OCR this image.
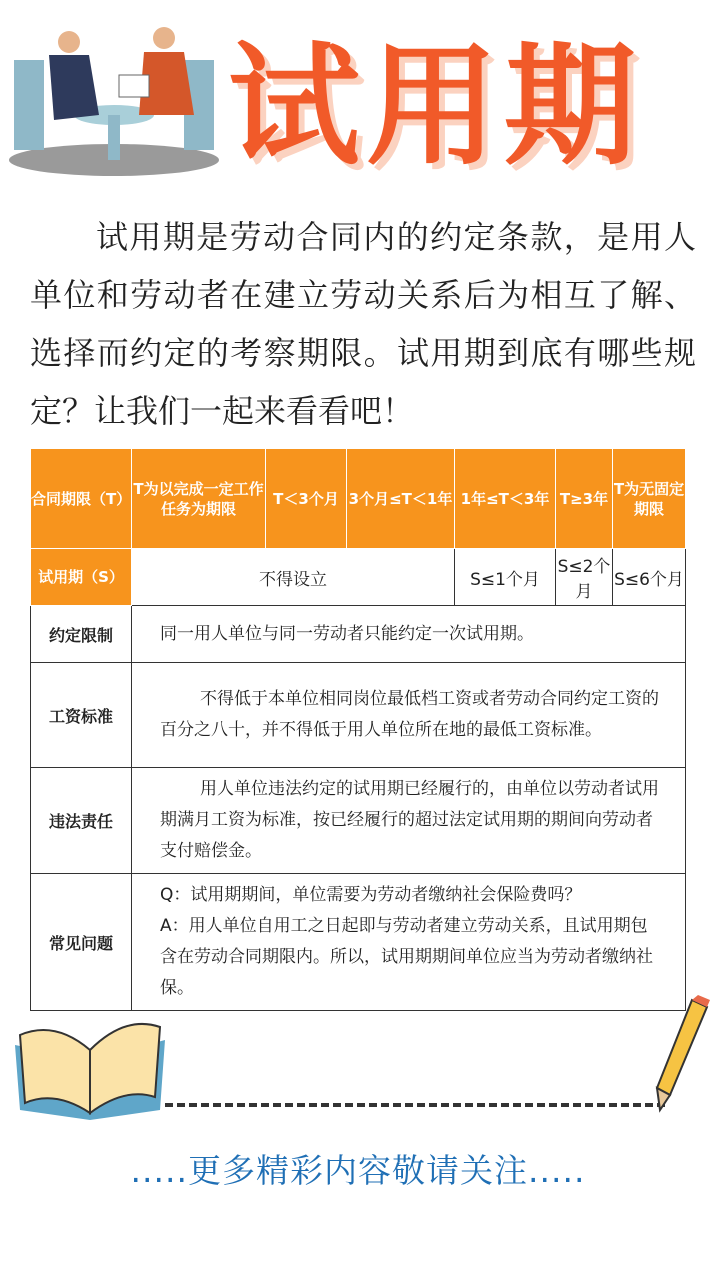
试用期

试用期是劳动合同内的约定条款，是用人单位和劳动者在建立劳动关系后为相互了解、选择而约定的考察期限。试用期到底有哪些规定？让我们一起来看看吧！

合同期限（T）	T为以完成一定工作任务为期限	T＜3个月	3个月≤T＜1年	1年≤T＜3年	T≥3年	T为无固定期限
试用期（S）	不得设立			S≤1个月	S≤2个月	S≤6个月
约定限制	同一用人单位与同一劳动者只能约定一次试用期。					
工资标准	不得低于本单位相同岗位最低档工资或者劳动合同约定工资的百分之八十，并不得低于用人单位所在地的最低工资标准。					
违法责任	用人单位违法约定的试用期已经履行的，由单位以劳动者试用期满月工资为标准，按已经履行的超过法定试用期的期间向劳动者支付赔偿金。					
常见问题	Q：试用期期间，单位需要为劳动者缴纳社会保险费吗？
A：用人单位自用工之日起即与劳动者建立劳动关系，且试用期包含在劳动合同期限内。所以，试用期期间单位应当为劳动者缴纳社保。					
.....更多精彩内容敬请关注.....
